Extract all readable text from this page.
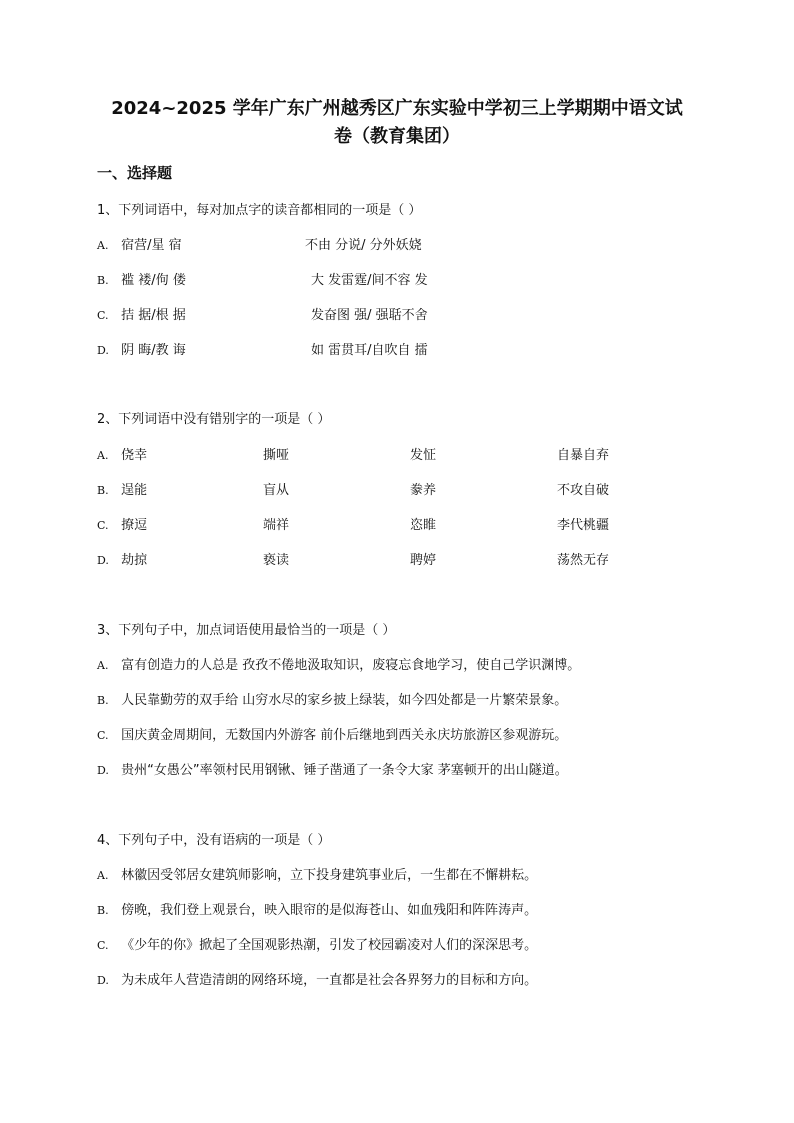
2024~2025 学年广东广州越秀区广东实验中学初三上学期期中语文试
卷（教育集团）
一、选择题
1、下列词语中，每对加点字的读音都相同的一项是（ ）
A. 宿营/星 宿	不由 分说/ 分外妖娆
B. 褴 褛/佝 偻	大 发雷霆/间不容 发
C. 拮 据/根 据	发奋图 强/ 强聒不舍
D. 阴 晦/教 诲	如 雷贯耳/自吹自 擂
2、下列词语中没有错别字的一项是（ ）
A. 侥幸	撕哑	发怔	自暴自弃
B. 逞能	盲从	豢养	不攻自破
C. 撩逗	端祥	恣睢	李代桃疆
D. 劫掠	亵读	聘婷	荡然无存
3、下列句子中，加点词语使用最恰当的一项是（ ）
A. 富有创造力的人总是 孜孜不倦地汲取知识，废寝忘食地学习，使自己学识渊博。
B. 人民靠勤劳的双手给 山穷水尽的家乡披上绿装，如今四处都是一片繁荣景象。
C. 国庆黄金周期间，无数国内外游客 前仆后继地到西关永庆坊旅游区参观游玩。
D. 贵州“女愚公”率领村民用钢锹、锤子凿通了一条令大家 茅塞顿开的出山隧道。
4、下列句子中，没有语病的一项是（ ）
A. 林徽因受邻居女建筑师影响，立下投身建筑事业后，一生都在不懈耕耘。
B. 傍晚，我们登上观景台，映入眼帘的是似海苍山、如血残阳和阵阵涛声。
C. 《少年的你》掀起了全国观影热潮，引发了校园霸凌对人们的深深思考。
D. 为未成年人营造清朗的网络环境，一直都是社会各界努力的目标和方向。
